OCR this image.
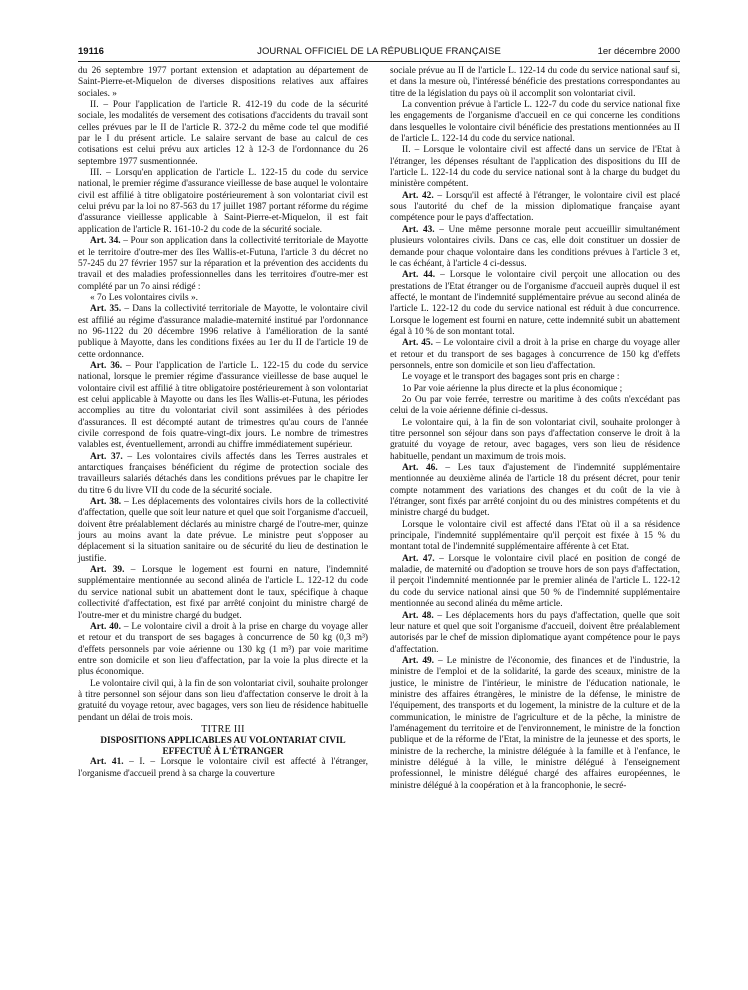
19116	JOURNAL OFFICIEL DE LA RÉPUBLIQUE FRANÇAISE	1er décembre 2000

du 26 septembre 1977 portant extension et adaptation au département de Saint-Pierre-et-Miquelon de diverses dispositions relatives aux affaires sociales. »

II. – Pour l'application de l'article R. 412-19 du code de la sécurité sociale, les modalités de versement des cotisations d'accidents du travail sont celles prévues par le II de l'article R. 372-2 du même code tel que modifié par le I du présent article. Le salaire servant de base au calcul de ces cotisations est celui prévu aux articles 12 à 12-3 de l'ordonnance du 26 septembre 1977 susmentionnée.

III. – Lorsqu'en application de l'article L. 122-15 du code du service national, le premier régime d'assurance vieillesse de base auquel le volontaire civil est affilié à titre obligatoire postérieurement à son volontariat civil est celui prévu par la loi no 87-563 du 17 juillet 1987 portant réforme du régime d'assurance vieillesse applicable à Saint-Pierre-et-Miquelon, il est fait application de l'article R. 161-10-2 du code de la sécurité sociale.

Art. 34. – Pour son application dans la collectivité territoriale de Mayotte et le territoire d'outre-mer des îles Wallis-et-Futuna, l'article 3 du décret no 57-245 du 27 février 1957 sur la réparation et la prévention des accidents du travail et des maladies professionnelles dans les territoires d'outre-mer est complété par un 7o ainsi rédigé :

« 7o Les volontaires civils ».

Art. 35. – Dans la collectivité territoriale de Mayotte, le volontaire civil est affilié au régime d'assurance maladie-maternité institué par l'ordonnance no 96-1122 du 20 décembre 1996 relative à l'amélioration de la santé publique à Mayotte, dans les conditions fixées au 1er du II de l'article 19 de cette ordonnance.

Art. 36. – Pour l'application de l'article L. 122-15 du code du service national, lorsque le premier régime d'assurance vieillesse de base auquel le volontaire civil est affilié à titre obligatoire postérieurement à son volontariat est celui applicable à Mayotte ou dans les îles Wallis-et-Futuna, les périodes accomplies au titre du volontariat civil sont assimilées à des périodes d'assurances. Il est décompté autant de trimestres qu'au cours de l'année civile correspond de fois quatre-vingt-dix jours. Le nombre de trimestres valables est, éventuellement, arrondi au chiffre immédiatement supérieur.

Art. 37. – Les volontaires civils affectés dans les Terres australes et antarctiques françaises bénéficient du régime de protection sociale des travailleurs salariés détachés dans les conditions prévues par le chapitre Ier du titre 6 du livre VII du code de la sécurité sociale.

Art. 38. – Les déplacements des volontaires civils hors de la collectivité d'affectation, quelle que soit leur nature et quel que soit l'organisme d'accueil, doivent être préalablement déclarés au ministre chargé de l'outre-mer, quinze jours au moins avant la date prévue. Le ministre peut s'opposer au déplacement si la situation sanitaire ou de sécurité du lieu de destination le justifie.

Art. 39. – Lorsque le logement est fourni en nature, l'indemnité supplémentaire mentionnée au second alinéa de l'article L. 122-12 du code du service national subit un abattement dont le taux, spécifique à chaque collectivité d'affectation, est fixé par arrêté conjoint du ministre chargé de l'outre-mer et du ministre chargé du budget.

Art. 40. – Le volontaire civil a droit à la prise en charge du voyage aller et retour et du transport de ses bagages à concurrence de 50 kg (0,3 m³) d'effets personnels par voie aérienne ou 130 kg (1 m³) par voie maritime entre son domicile et son lieu d'affectation, par la voie la plus directe et la plus économique.

Le volontaire civil qui, à la fin de son volontariat civil, souhaite prolonger à titre personnel son séjour dans son lieu d'affectation conserve le droit à la gratuité du voyage retour, avec bagages, vers son lieu de résidence habituelle pendant un délai de trois mois.

TITRE III

DISPOSITIONS APPLICABLES AU VOLONTARIAT CIVIL EFFECTUÉ À L'ÉTRANGER

Art. 41. – I. – Lorsque le volontaire civil est affecté à l'étranger, l'organisme d'accueil prend à sa charge la couverture

sociale prévue au II de l'article L. 122-14 du code du service national sauf si, et dans la mesure où, l'intéressé bénéficie des prestations correspondantes au titre de la législation du pays où il accomplit son volontariat civil.

La convention prévue à l'article L. 122-7 du code du service national fixe les engagements de l'organisme d'accueil en ce qui concerne les conditions dans lesquelles le volontaire civil bénéficie des prestations mentionnées au II de l'article L. 122-14 du code du service national.

II. – Lorsque le volontaire civil est affecté dans un service de l'Etat à l'étranger, les dépenses résultant de l'application des dispositions du III de l'article L. 122-14 du code du service national sont à la charge du budget du ministère compétent.

Art. 42. – Lorsqu'il est affecté à l'étranger, le volontaire civil est placé sous l'autorité du chef de la mission diplomatique française ayant compétence pour le pays d'affectation.

Art. 43. – Une même personne morale peut accueillir simultanément plusieurs volontaires civils. Dans ce cas, elle doit constituer un dossier de demande pour chaque volontaire dans les conditions prévues à l'article 3 et, le cas échéant, à l'article 4 ci-dessus.

Art. 44. – Lorsque le volontaire civil perçoit une allocation ou des prestations de l'Etat étranger ou de l'organisme d'accueil auprès duquel il est affecté, le montant de l'indemnité supplémentaire prévue au second alinéa de l'article L. 122-12 du code du service national est réduit à due concurrence. Lorsque le logement est fourni en nature, cette indemnité subit un abattement égal à 10 % de son montant total.

Art. 45. – Le volontaire civil a droit à la prise en charge du voyage aller et retour et du transport de ses bagages à concurrence de 150 kg d'effets personnels, entre son domicile et son lieu d'affectation.

Le voyage et le transport des bagages sont pris en charge :

1o Par voie aérienne la plus directe et la plus économique ;

2o Ou par voie ferrée, terrestre ou maritime à des coûts n'excédant pas celui de la voie aérienne définie ci-dessus.

Le volontaire qui, à la fin de son volontariat civil, souhaite prolonger à titre personnel son séjour dans son pays d'affectation conserve le droit à la gratuité du voyage de retour, avec bagages, vers son lieu de résidence habituelle, pendant un maximum de trois mois.

Art. 46. – Les taux d'ajustement de l'indemnité supplémentaire mentionnée au deuxième alinéa de l'article 18 du présent décret, pour tenir compte notamment des variations des changes et du coût de la vie à l'étranger, sont fixés par arrêté conjoint du ou des ministres compétents et du ministre chargé du budget.

Lorsque le volontaire civil est affecté dans l'Etat où il a sa résidence principale, l'indemnité supplémentaire qu'il perçoit est fixée à 15 % du montant total de l'indemnité supplémentaire afférente à cet Etat.

Art. 47. – Lorsque le volontaire civil placé en position de congé de maladie, de maternité ou d'adoption se trouve hors de son pays d'affectation, il perçoit l'indemnité mentionnée par le premier alinéa de l'article L. 122-12 du code du service national ainsi que 50 % de l'indemnité supplémentaire mentionnée au second alinéa du même article.

Art. 48. – Les déplacements hors du pays d'affectation, quelle que soit leur nature et quel que soit l'organisme d'accueil, doivent être préalablement autorisés par le chef de mission diplomatique ayant compétence pour le pays d'affectation.

Art. 49. – Le ministre de l'économie, des finances et de l'industrie, la ministre de l'emploi et de la solidarité, la garde des sceaux, ministre de la justice, le ministre de l'intérieur, le ministre de l'éducation nationale, le ministre des affaires étrangères, le ministre de la défense, le ministre de l'équipement, des transports et du logement, la ministre de la culture et de la communication, le ministre de l'agriculture et de la pêche, la ministre de l'aménagement du territoire et de l'environnement, le ministre de la fonction publique et de la réforme de l'Etat, la ministre de la jeunesse et des sports, le ministre de la recherche, la ministre déléguée à la famille et à l'enfance, le ministre délégué à la ville, le ministre délégué à l'enseignement professionnel, le ministre délégué chargé des affaires européennes, le ministre délégué à la coopération et à la francophonie, le secré-
